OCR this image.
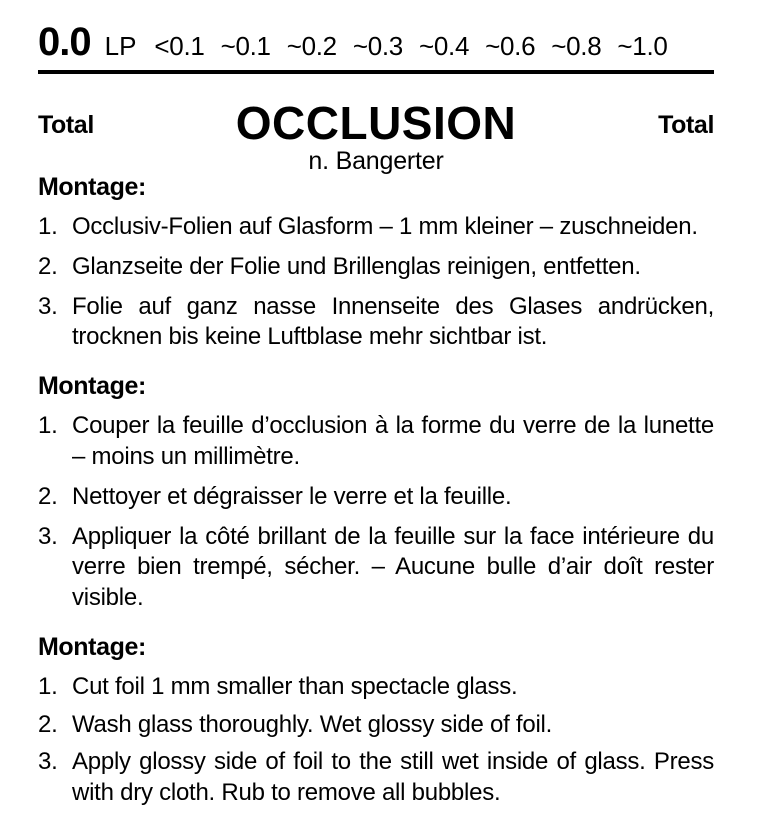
0.0 LP <0.1 ~0.1 ~0.2 ~0.3 ~0.4 ~0.6 ~0.8 ~1.0
Total	OCCLUSION
n. Bangerter
Total
Montage:
1. Occlusiv-Folien auf Glasform – 1 mm kleiner – zuschneiden.
2. Glanzseite der Folie und Brillenglas reinigen, entfetten.
3. Folie auf ganz nasse Innenseite des Glases andrücken, trocknen bis keine Luftblase mehr sichtbar ist.
Montage:
1. Couper la feuille d’occlusion à la forme du verre de la lunette – moins un millimètre.
2. Nettoyer et dégraisser le verre et la feuille.
3. Appliquer la côté brillant de la feuille sur la face intérieure du verre bien trempé, sécher. – Aucune bulle d’air doît rester visible.
Montage:
1. Cut foil 1 mm smaller than spectacle glass.
2. Wash glass thoroughly. Wet glossy side of foil.
3. Apply glossy side of foil to the still wet inside of glass. Press with dry cloth. Rub to remove all bubbles.
